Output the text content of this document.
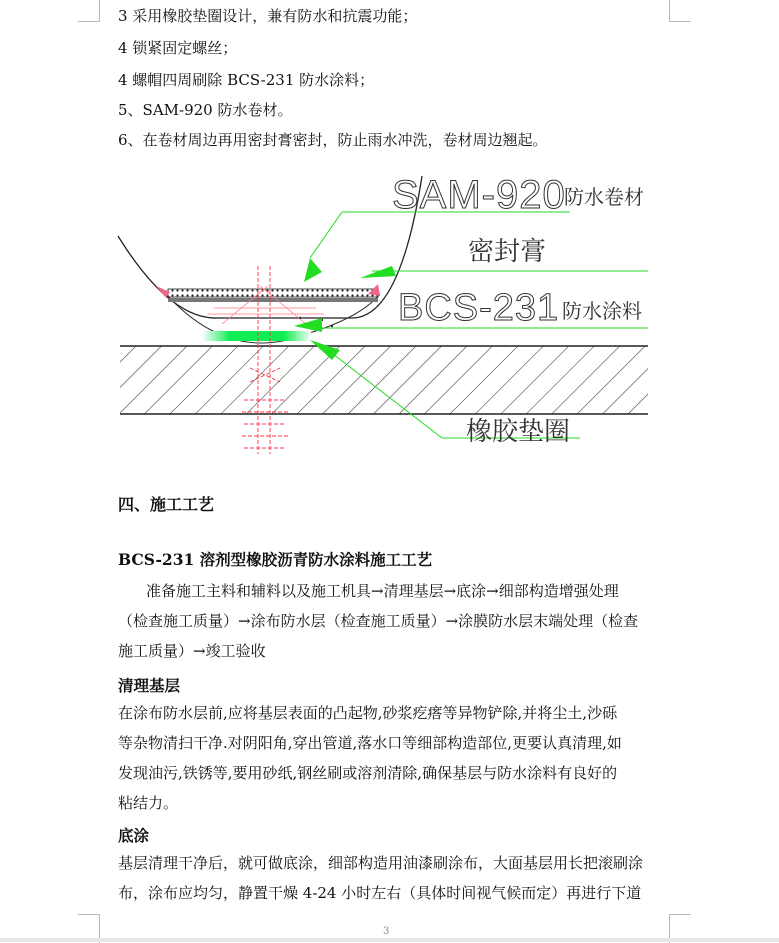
3 采用橡胶垫圈设计，兼有防水和抗震功能；
4 锁紧固定螺丝；
4 螺帽四周刷除 BCS-231 防水涂料；
5、SAM-920 防水卷材。
6、在卷材周边再用密封膏密封，防止雨水冲洗，卷材周边翘起。
SAM-920
防水卷材
密封膏
BCS-231 防水涂料
橡胶垫圈
四、施工工艺
BCS-231 溶剂型橡胶沥青防水涂料施工工艺
准备施工主料和辅料以及施工机具→清理基层→底涂→细部构造增强处理
（检查施工质量）→涂布防水层（检查施工质量）→涂膜防水层末端处理（检查
施工质量）→竣工验收
清理基层
在涂布防水层前,应将基层表面的凸起物,砂浆疙瘩等异物铲除,并将尘土,沙砾
等杂物清扫干净.对阴阳角,穿出管道,落水口等细部构造部位,更要认真清理,如
发现油污,铁锈等,要用砂纸,钢丝刷或溶剂清除,确保基层与防水涂料有良好的
粘结力。
底涂
基层清理干净后，就可做底涂，细部构造用油漆刷涂布，大面基层用长把滚刷涂
布，涂布应均匀，静置干燥 4-24 小时左右（具体时间视气候而定）再进行下道
3
